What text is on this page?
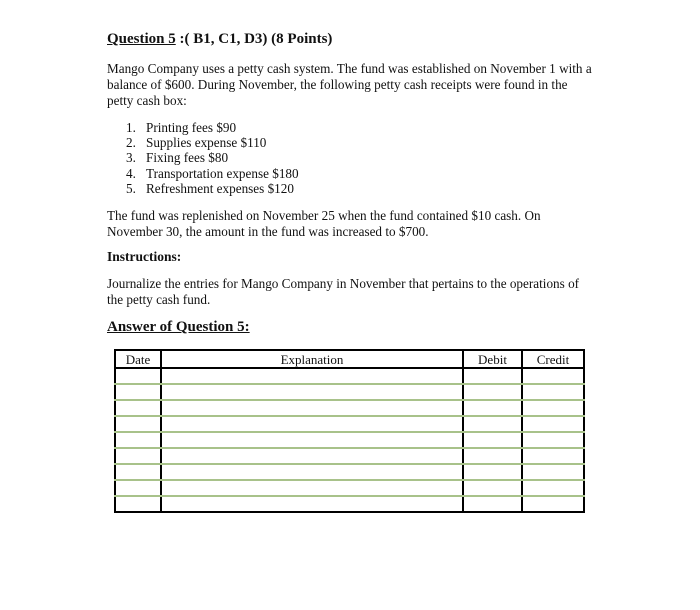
Question 5 :( B1, C1, D3) (8 Points)
Mango Company uses a petty cash system. The fund was established on November 1 with a balance of $600. During November, the following petty cash receipts were found in the petty cash box:
1. Printing fees $90
2. Supplies expense $110
3. Fixing fees $80
4. Transportation expense $180
5. Refreshment expenses $120
The fund was replenished on November 25 when the fund contained $10 cash. On November 30, the amount in the fund was increased to $700.
Instructions:
Journalize the entries for Mango Company in November that pertains to the operations of the petty cash fund.
Answer of Question 5:
Date	Explanation	Debit	Credit
